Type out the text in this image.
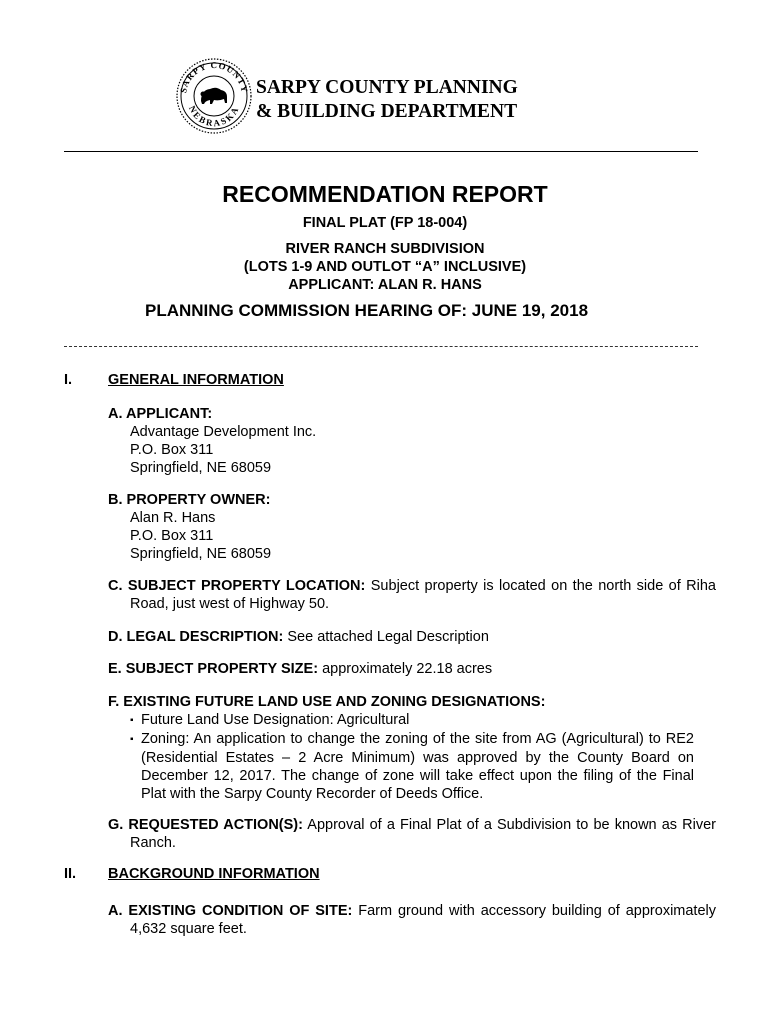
SARPY COUNTY
NEBRASKA
SARPY COUNTY PLANNING
& BUILDING DEPARTMENT
RECOMMENDATION REPORT
FINAL PLAT (FP 18-004)
RIVER RANCH SUBDIVISION
(LOTS 1-9 AND OUTLOT “A” INCLUSIVE)
APPLICANT: ALAN R. HANS
PLANNING COMMISSION HEARING OF: JUNE 19, 2018
I. GENERAL INFORMATION
A. APPLICANT:
Advantage Development Inc.
P.O. Box 311
Springfield, NE 68059
B. PROPERTY OWNER:
Alan R. Hans
P.O. Box 311
Springfield, NE 68059
C. SUBJECT PROPERTY LOCATION: Subject property is located on the north side of Riha Road, just west of Highway 50.
D. LEGAL DESCRIPTION: See attached Legal Description
E. SUBJECT PROPERTY SIZE: approximately 22.18 acres
F. EXISTING FUTURE LAND USE AND ZONING DESIGNATIONS:
▪ Future Land Use Designation: Agricultural
▪ Zoning: An application to change the zoning of the site from AG (Agricultural) to RE2 (Residential Estates – 2 Acre Minimum) was approved by the County Board on December 12, 2017. The change of zone will take effect upon the filing of the Final Plat with the Sarpy County Recorder of Deeds Office.
G. REQUESTED ACTION(S): Approval of a Final Plat of a Subdivision to be known as River Ranch.
II. BACKGROUND INFORMATION
A. EXISTING CONDITION OF SITE: Farm ground with accessory building of approximately 4,632 square feet.
